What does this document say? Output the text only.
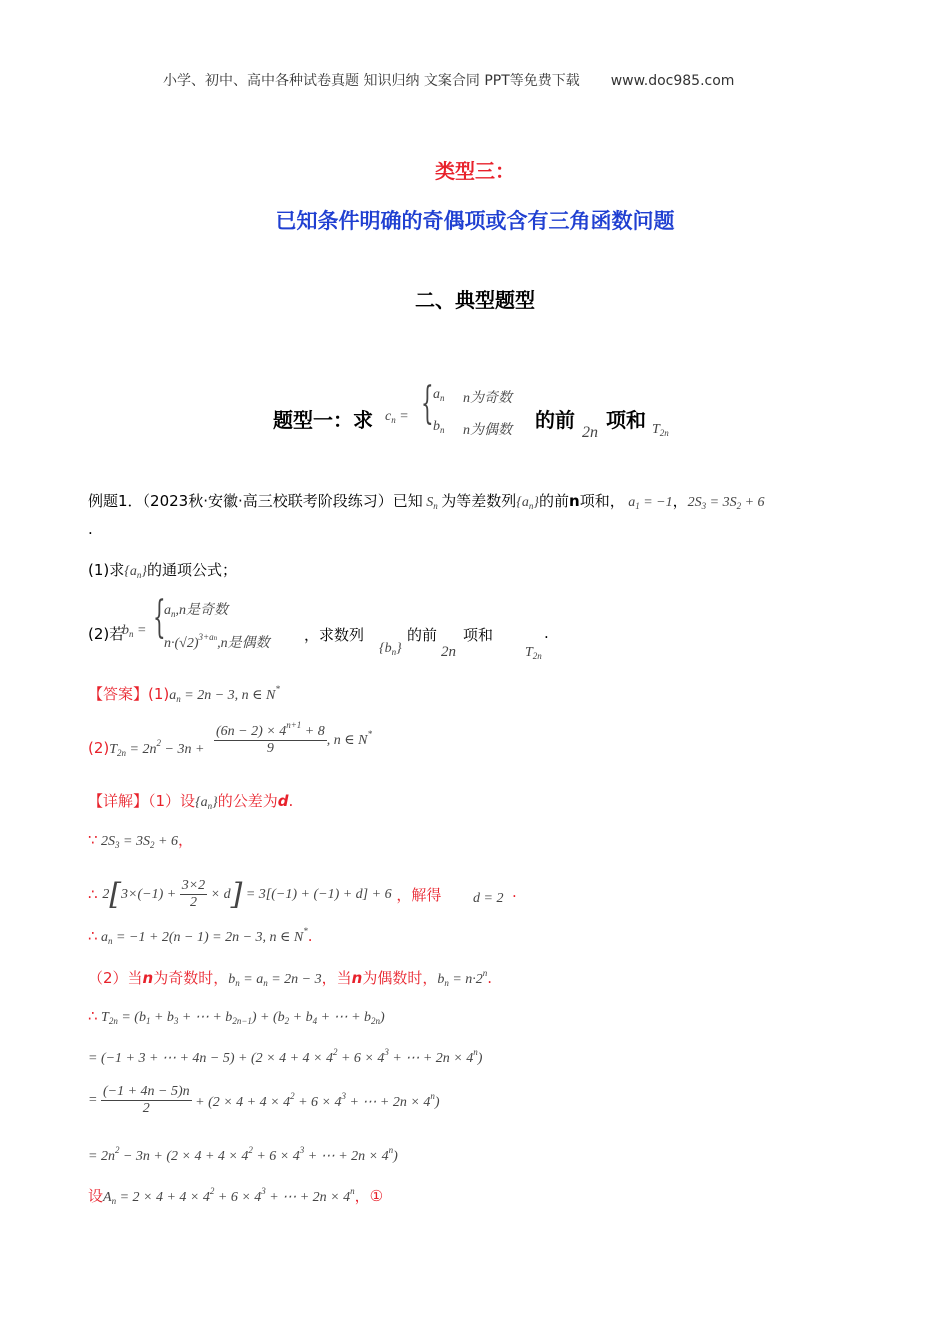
小学、初中、高中各种试卷真题 知识归纳 文案合同 PPT等免费下载 www.doc985.com
类型三：
已知条件明确的奇偶项或含有三角函数问题
二、典型题型
题型一：求 $c_n$ = { $a_n$ n为奇数
$b_n$ n为偶数 的前
2n
项和 $T_{2n}$
例题1．（2023秋·安徽·高三校联考阶段练习）已知 $S_n$ 为等差数列$\{a_n\}$的前n项和， $a_1 = -1$，$2S_3 = 3S_2 + 6$
.
(1)求$\{a_n\}$的通项公式；
(2)若
$b_n$ = {
$a_n,n$是奇数
$n\cdot(√2)^{3+an},n$是偶数 ，求数列
$\{b_n\}$
的前
2n
项和
$T_{2n}$
.
【答案】$(1)a_n = 2n - 3$, n ∈ N*
$(2)T_{2n} = 2n^2 - 3n + \frac{(6n - 2) \times 4^{n+1} + 8}{9}$ , n ∈ N*
【详解】（1）设$\{a_n\}$的公差为d.
∵ $2S_3 = 3S_2 + 6$，
∴ $2[3\times(-1) + \frac{3\times 2}{2} \times d] = 3[(-1) + (-1) + d] + 6$ ，解得 d = 2 .
∴ $a_n = -1 + 2(n - 1) = 2n - 3$, n ∈ N*.
（2）当n为奇数时，$b_n = a_n = 2n - 3$，当n为偶数时，$b_n = n\cdot 2^n$.
∴ $T_{2n} = (b_1 + b_3$ + ⋯ + $b_{2n-1}) + (b_2 + b_4$ + ⋯ + $b_{2n}$)
= (−1 + 3 + ⋯ + $4n - 5) + (2 \times 4 + 4 \times 4^2 + 6 \times 4^3$ + ⋯ + $2n \times 4^n$)
= $\frac{(-1 + 4n - 5)n}{2} + (2 \times 4 + 4 \times 4^2 + 6 \times 4^3$ + ⋯ + $2n \times 4^n$)
= $2n^2 - 3n + (2 \times 4 + 4 \times 4^2 + 6 \times 4^3$ + ⋯ + $2n \times 4^n$)
设$A_n = 2 \times 4 + 4 \times 4^2 + 6 \times 4^3$ + ⋯ + $2n \times 4^n$，①
